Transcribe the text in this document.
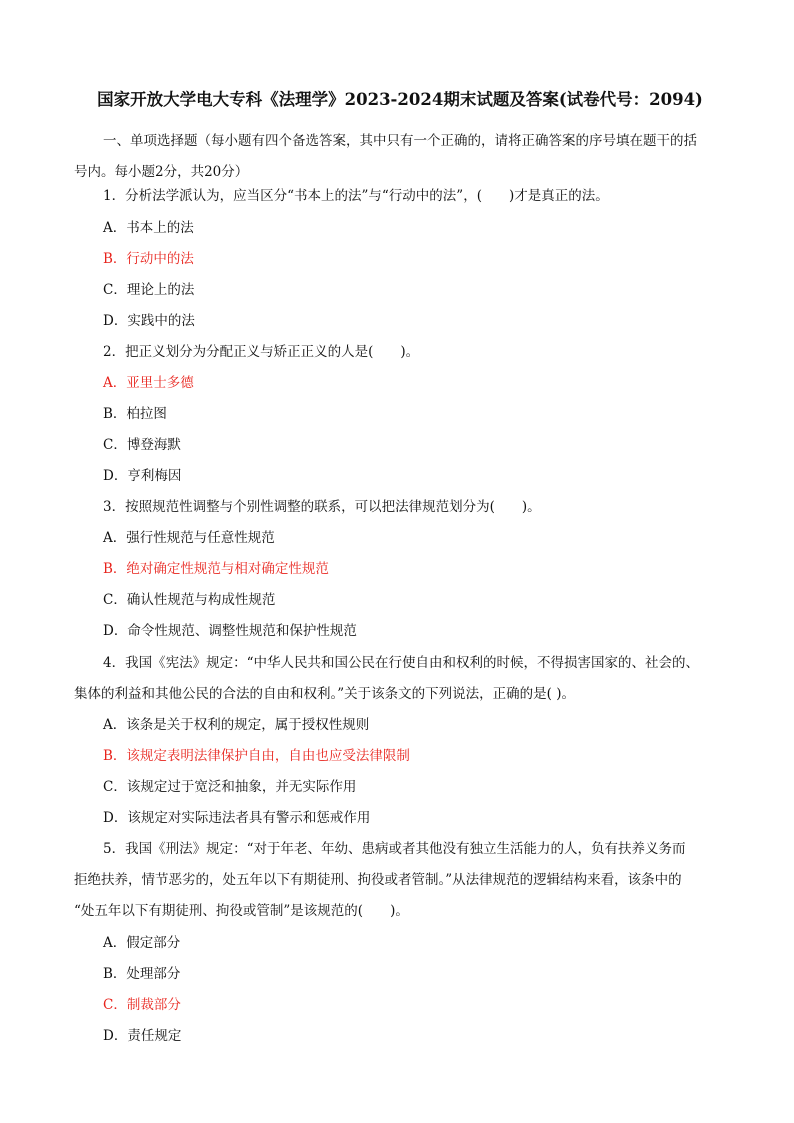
国家开放大学电大专科《法理学》2023-2024期末试题及答案(试卷代号：2094)
一、单项选择题（每小题有四个备选答案，其中只有一个正确的，请将正确答案的序号填在题干的括
号内。每小题2分，共20分）
1．分析法学派认为，应当区分“书本上的法”与“行动中的法”，(　　)才是真正的法。
A．书本上的法
B．行动中的法
C．理论上的法
D．实践中的法
2．把正义划分为分配正义与矫正正义的人是(　　)。
A．亚里士多德
B．柏拉图
C．博登海默
D．亨利梅因
3．按照规范性调整与个别性调整的联系，可以把法律规范划分为(　　)。
A．强行性规范与任意性规范
B．绝对确定性规范与相对确定性规范
C．确认性规范与构成性规范
D．命令性规范、调整性规范和保护性规范
4．我国《宪法》规定：“中华人民共和国公民在行使自由和权利的时候，不得损害国家的、社会的、
集体的利益和其他公民的合法的自由和权利。”关于该条文的下列说法，正确的是( )。
A．该条是关于权利的规定，属于授权性规则
B．该规定表明法律保护自由，自由也应受法律限制
C．该规定过于宽泛和抽象，并无实际作用
D．该规定对实际违法者具有警示和惩戒作用
5．我国《刑法》规定：“对于年老、年幼、患病或者其他没有独立生活能力的人，负有扶养义务而
拒绝扶养，情节恶劣的，处五年以下有期徒刑、拘役或者管制。”从法律规范的逻辑结构来看，该条中的
“处五年以下有期徒刑、拘役或管制”是该规范的(　　)。
A．假定部分
B．处理部分
C．制裁部分
D．责任规定
